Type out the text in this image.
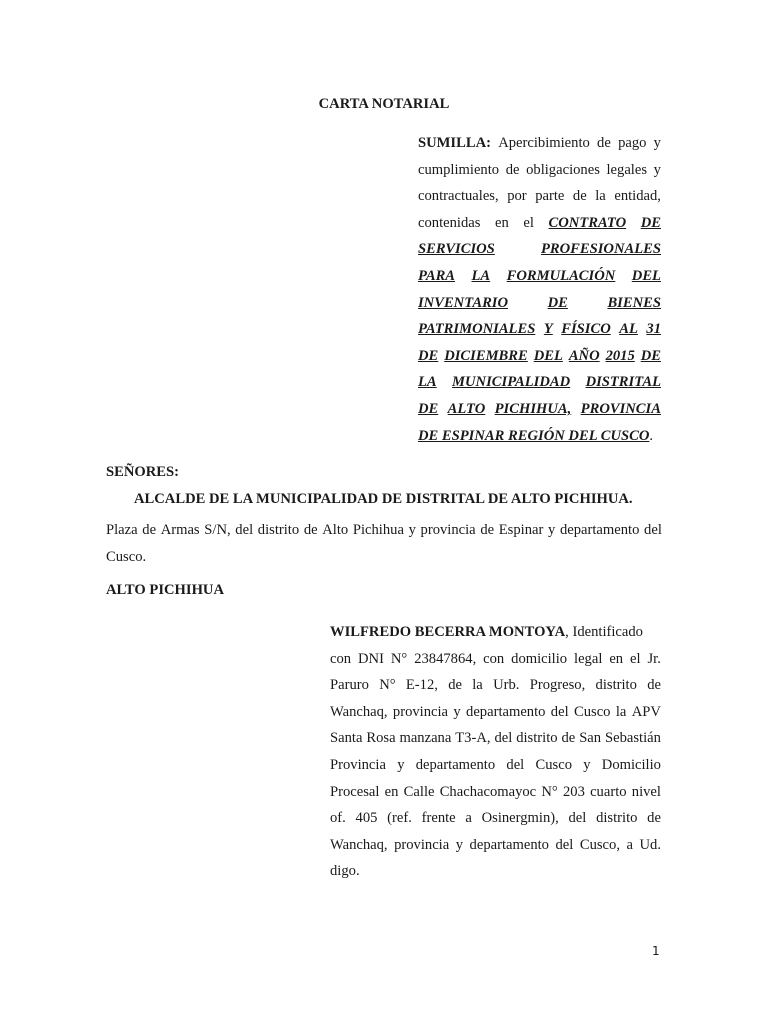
CARTA NOTARIAL
SUMILLA: Apercibimiento de pago y
cumplimiento de obligaciones legales y
contractuales, por parte de la entidad,
contenidas en el CONTRATO DE
SERVICIOS	PROFESIONALES
PARA LA FORMULACIÓN DEL
INVENTARIO	DE	BIENES
PATRIMONIALES Y FÍSICO AL 31
DE DICIEMBRE DEL AÑO 2015 DE
LA MUNICIPALIDAD DISTRITAL
DE ALTO PICHIHUA, PROVINCIA
DE ESPINAR REGIÓN DEL CUSCO .
SEÑORES:
ALCALDE DE LA MUNICIPALIDAD DE DISTRITAL DE ALTO PICHIHUA.
Plaza de Armas S/N, del distrito de Alto Pichihua y provincia de Espinar y departamento del
Cusco.
ALTO PICHIHUA
WILFREDO BECERRA MONTOYA , Identificado
con DNI N° 23847864, con domicilio legal en el Jr.
Paruro N° E-12, de la Urb. Progreso, distrito de
Wanchaq, provincia y departamento del Cusco la APV
Santa Rosa manzana T3-A, del distrito de San Sebastián
Provincia y departamento del Cusco y Domicilio
Procesal en Calle Chachacomayoc N° 203 cuarto nivel
of. 405 (ref. frente a Osinergmin), del distrito de
Wanchaq, provincia y departamento del Cusco, a Ud.
digo.
1
